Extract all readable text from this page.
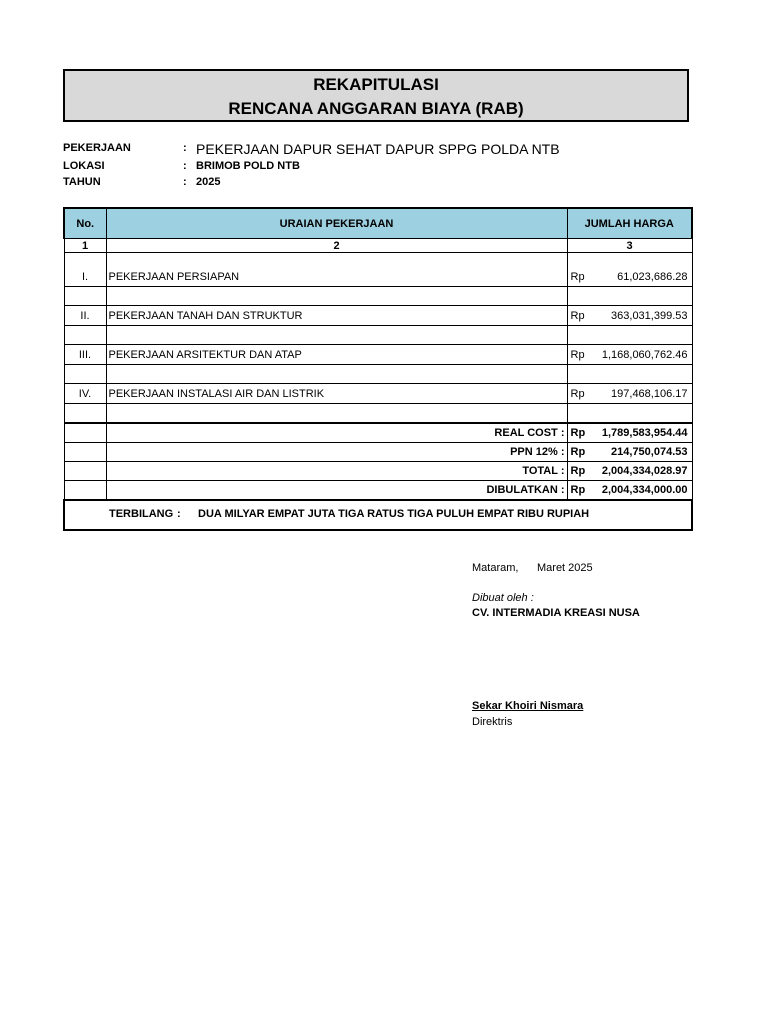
REKAPITULASI
RENCANA ANGGARAN BIAYA (RAB)
PEKERJAAN	: PEKERJAAN DAPUR SEHAT DAPUR SPPG POLDA NTB
LOKASI	: BRIMOB POLD NTB
TAHUN	: 2025
No.	URAIAN PEKERJAAN	JUMLAH HARGA
1	2	3

I.	PEKERJAAN PERSIAPAN	Rp 61,023,686.28

II.	PEKERJAAN TANAH DAN STRUKTUR	Rp 363,031,399.53

III.	PEKERJAAN ARSITEKTUR DAN ATAP	Rp 1,168,060,762.46

IV.	PEKERJAAN INSTALASI AIR DAN LISTRIK	Rp 197,468,106.17

	REAL COST :	Rp 1,789,583,954.44

	PPN 12% :	Rp 214,750,074.53

	TOTAL :	Rp 2,004,334,028.97

	DIBULATKAN :	Rp 2,004,334,000.00

TERBILANG : DUA MILYAR EMPAT JUTA TIGA RATUS TIGA PULUH EMPAT RIBU RUPIAH		
Mataram, Maret 2025
Dibuat oleh :
CV. INTERMADIA KREASI NUSA
Sekar Khoiri Nismara
Direktris
